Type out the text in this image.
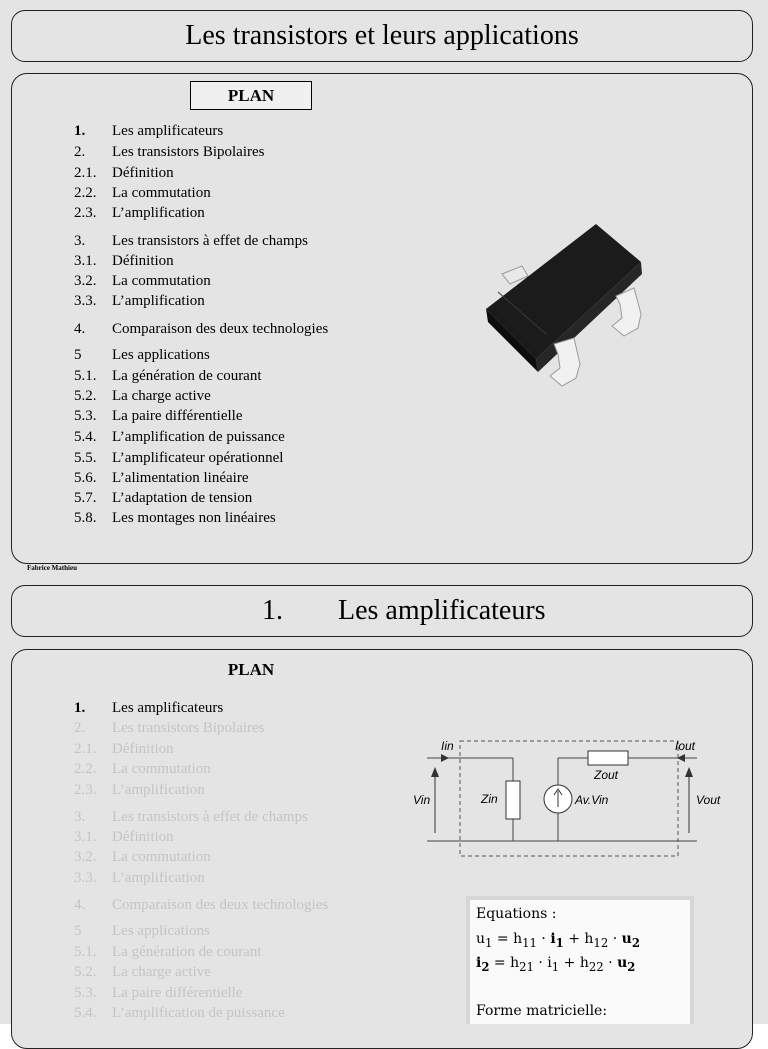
Les transistors et leurs applications
PLAN
1. Les amplificateurs
2. Les transistors Bipolaires
2.1. Définition
2.2. La commutation
2.3. L’amplification
3. Les transistors à effet de champs
3.1. Définition
3.2. La commutation
3.3. L’amplification
4. Comparaison des deux technologies
5 Les applications
5.1. La génération de courant
5.2. La charge active
5.3. La paire différentielle
5.4. L’amplification de puissance
5.5. L’amplificateur opérationnel
5.6. L’alimentation linéaire
5.7. L’adaptation de tension
5.8. Les montages non linéaires
Fabrice Mathieu
1. Les amplificateurs
PLAN
1. Les amplificateurs
2. Les transistors Bipolaires
2.1. Définition
2.2. La commutation
2.3. L’amplification
3. Les transistors à effet de champs
3.1. Définition
3.2. La commutation
3.3. L’amplification
4. Comparaison des deux technologies
5 Les applications
5.1. La génération de courant
5.2. La charge active
5.3. La paire différentielle
5.4. L’amplification de puissance
Iin	Iout
Vin	Vout
Zin
Zout
Av.Vin
Equations :
$u_1 = h_{11} \cdot i_1 + h_{12} \cdot u_2$
$i_2 = h_{21} \cdot i_1 + h_{22} \cdot u_2$
Forme matricielle:
